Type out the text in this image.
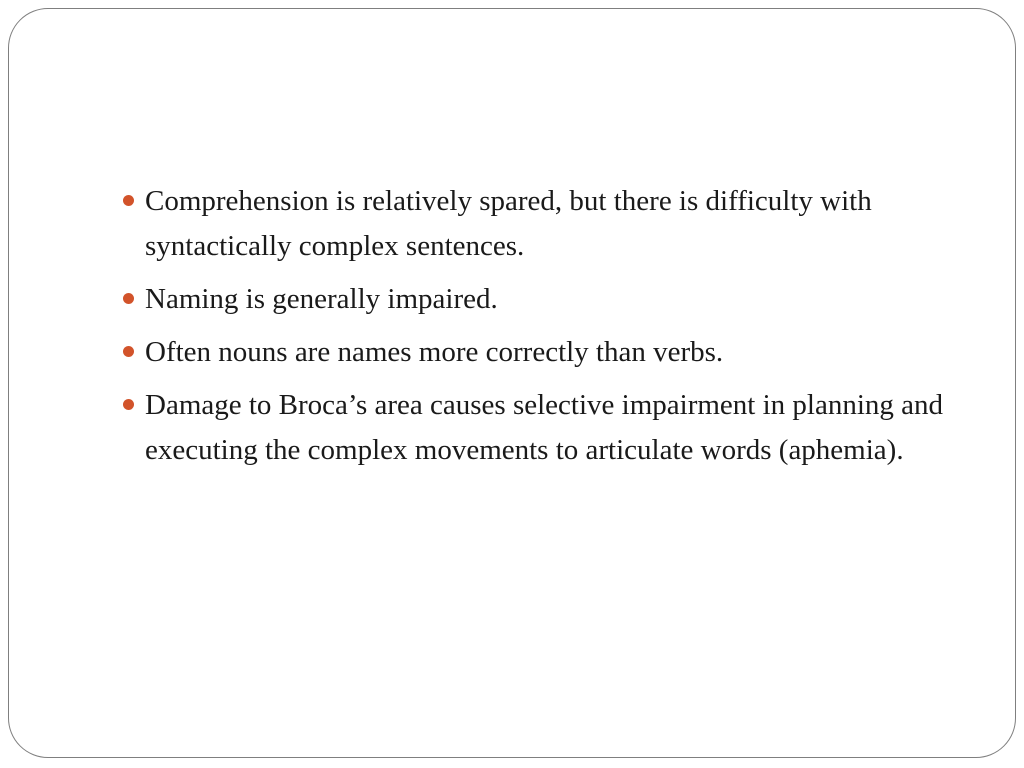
Comprehension is relatively spared, but there is difficulty with syntactically complex sentences.
Naming is generally impaired.
Often nouns are names more correctly than verbs.
Damage to Broca’s area causes selective impairment in planning and executing the complex movements to articulate words (aphemia).
